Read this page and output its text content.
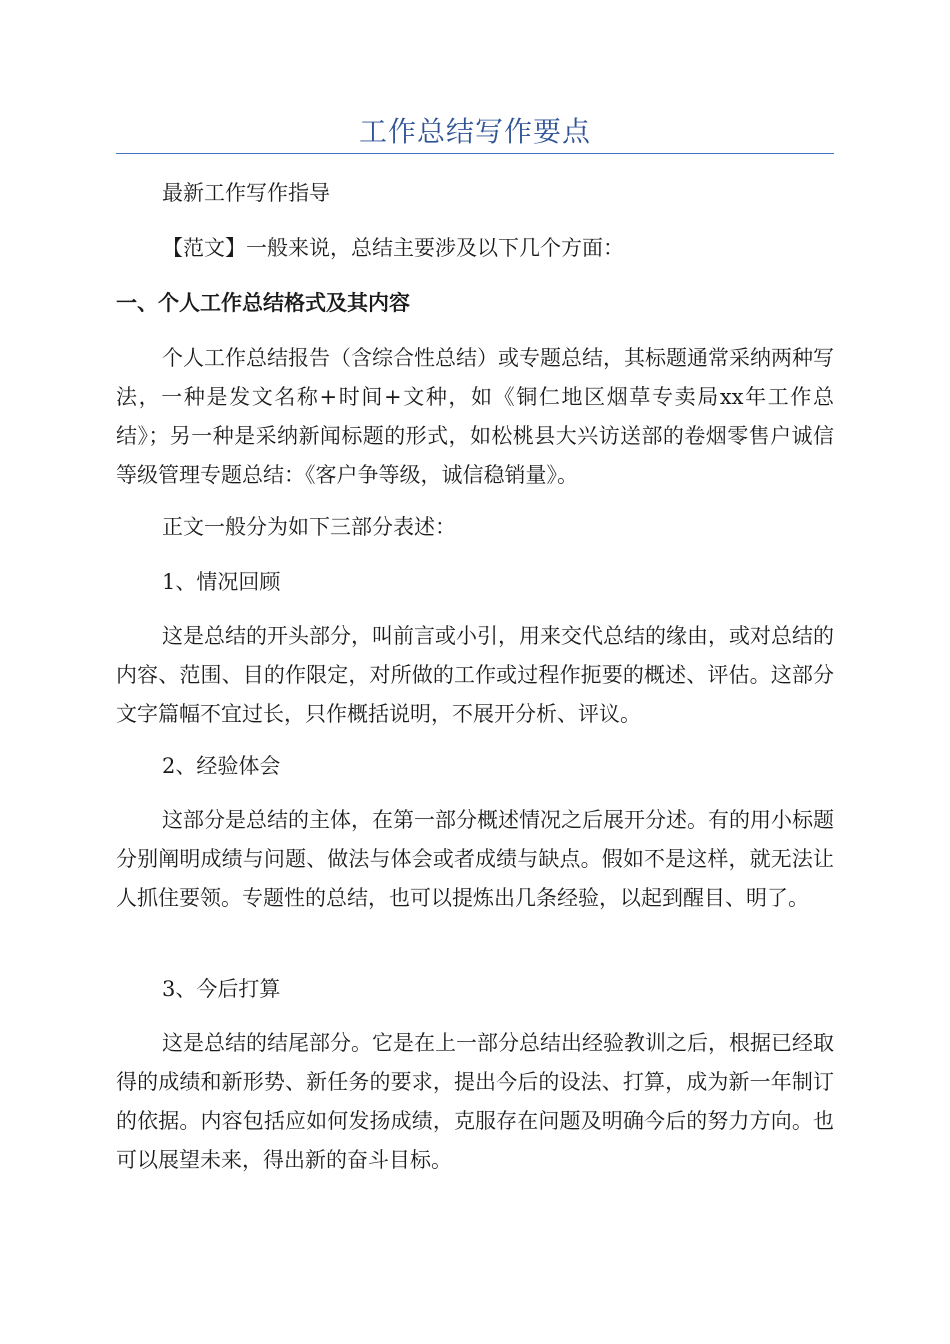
工作总结写作要点

最新工作写作指导

【范文】一般来说，总结主要涉及以下几个方面：

一、个人工作总结格式及其内容

个人工作总结报告（含综合性总结）或专题总结，其标题通常采纳两种写法，一种是发文名称+时间+文种，如《铜仁地区烟草专卖局xx年工作总结》；另一种是采纳新闻标题的形式，如松桃县大兴访送部的卷烟零售户诚信等级管理专题总结：《客户争等级，诚信稳销量》。

正文一般分为如下三部分表述：

1、情况回顾

这是总结的开头部分，叫前言或小引，用来交代总结的缘由，或对总结的内容、范围、目的作限定，对所做的工作或过程作扼要的概述、评估。这部分文字篇幅不宜过长，只作概括说明，不展开分析、评议。

2、经验体会

这部分是总结的主体，在第一部分概述情况之后展开分述。有的用小标题分别阐明成绩与问题、做法与体会或者成绩与缺点。假如不是这样，就无法让人抓住要领。专题性的总结，也可以提炼出几条经验，以起到醒目、明了。

3、今后打算

这是总结的结尾部分。它是在上一部分总结出经验教训之后，根据已经取得的成绩和新形势、新任务的要求，提出今后的设法、打算，成为新一年制订的依据。内容包括应如何发扬成绩，克服存在问题及明确今后的努力方向。也可以展望未来，得出新的奋斗目标。
